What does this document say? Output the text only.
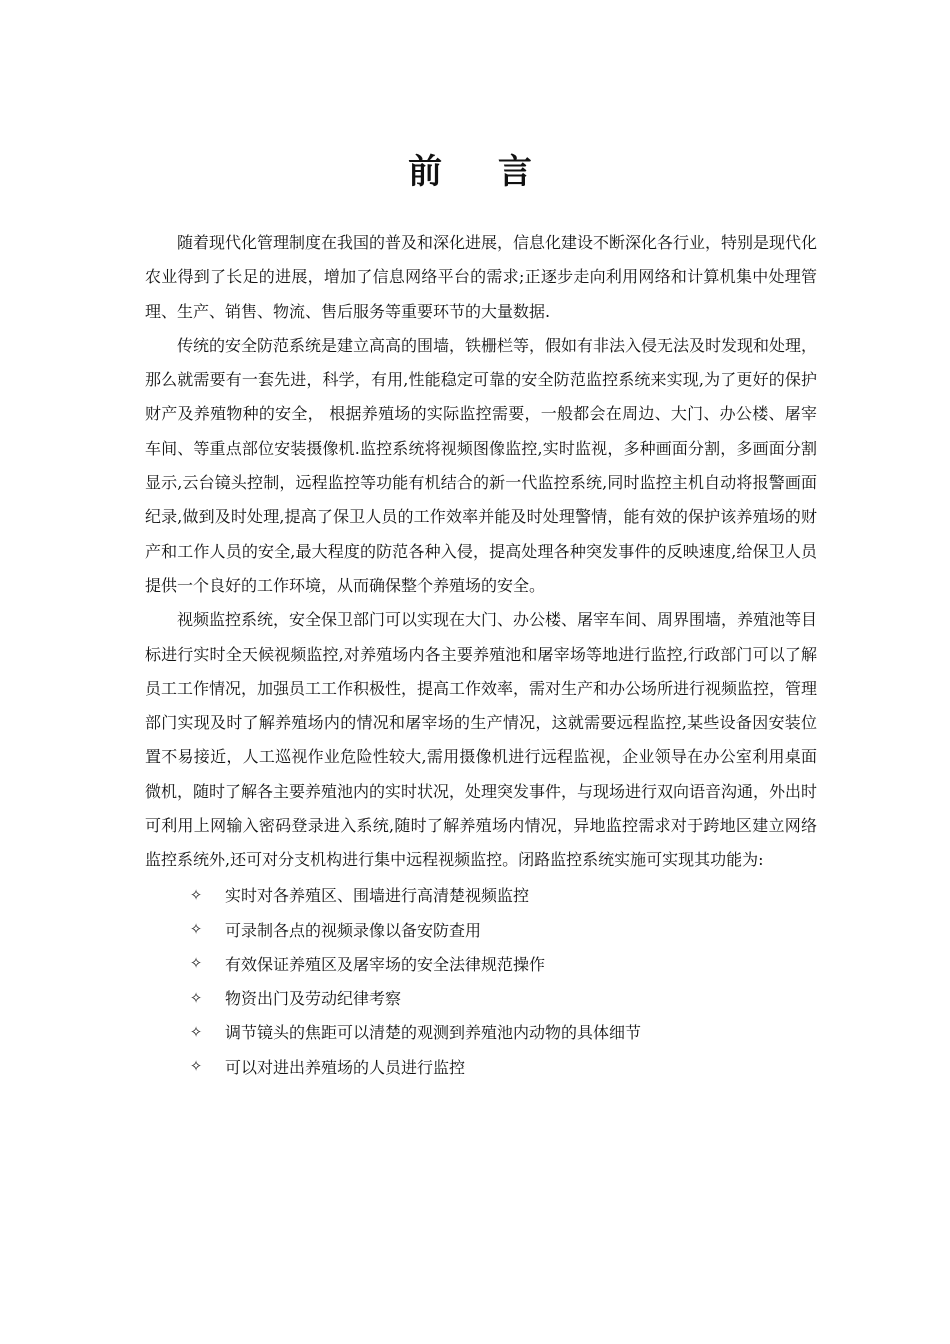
前 言

随着现代化管理制度在我国的普及和深化进展，信息化建设不断深化各行业，特别是现代化农业得到了长足的进展，增加了信息网络平台的需求;正逐步走向利用网络和计算机集中处理管理、生产、销售、物流、售后服务等重要环节的大量数据.

传统的安全防范系统是建立高高的围墙，铁栅栏等，假如有非法入侵无法及时发现和处理，那么就需要有一套先进，科学，有用,性能稳定可靠的安全防范监控系统来实现,为了更好的保护财产及养殖物种的安全， 根据养殖场的实际监控需要，一般都会在周边、大门、办公楼、屠宰车间、等重点部位安装摄像机.监控系统将视频图像监控,实时监视，多种画面分割，多画面分割显示,云台镜头控制，远程监控等功能有机结合的新一代监控系统,同时监控主机自动将报警画面纪录,做到及时处理,提高了保卫人员的工作效率并能及时处理警情，能有效的保护该养殖场的财产和工作人员的安全,最大程度的防范各种入侵，提高处理各种突发事件的反映速度,给保卫人员提供一个良好的工作环境，从而确保整个养殖场的安全。

视频监控系统，安全保卫部门可以实现在大门、办公楼、屠宰车间、周界围墙，养殖池等目标进行实时全天候视频监控,对养殖场内各主要养殖池和屠宰场等地进行监控,行政部门可以了解员工工作情况，加强员工工作积极性，提高工作效率，需对生产和办公场所进行视频监控，管理部门实现及时了解养殖场内的情况和屠宰场的生产情况，这就需要远程监控,某些设备因安装位置不易接近，人工巡视作业危险性较大,需用摄像机进行远程监视，企业领导在办公室利用桌面微机，随时了解各主要养殖池内的实时状况，处理突发事件，与现场进行双向语音沟通，外出时可利用上网输入密码登录进入系统,随时了解养殖场内情况，异地监控需求对于跨地区建立网络监控系统外,还可对分支机构进行集中远程视频监控。闭路监控系统实施可实现其功能为:

✧ 实时对各养殖区、围墙进行高清楚视频监控
✧ 可录制各点的视频录像以备安防查用
✧ 有效保证养殖区及屠宰场的安全法律规范操作
✧ 物资出门及劳动纪律考察
✧ 调节镜头的焦距可以清楚的观测到养殖池内动物的具体细节
✧ 可以对进出养殖场的人员进行监控
